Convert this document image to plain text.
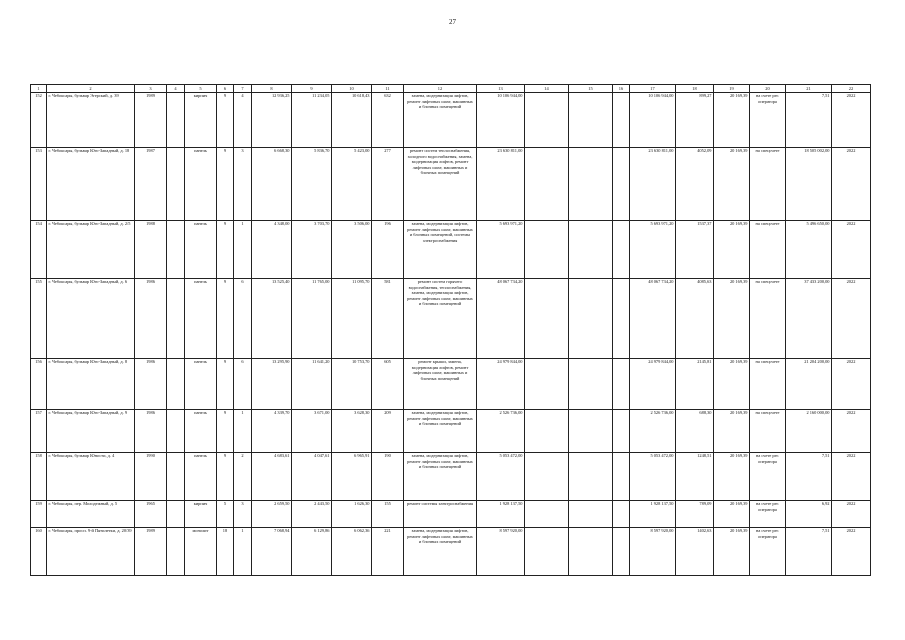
27
1	2	3	4	5	6	7	8	9	10	11	12	13	14	15	16	17	18	19	20	21	22
152	г. Чебоксары, бульвар Эгерский, д. 39	1989		кирпич	9	4	12 936,25	11 234,05	10 618,43	632	замена, модернизация лифтов, ремонт лифтовых шахт, машинных и блочных помещений	10 106 944,00				10 106 944,00	899,27	20 169,39	на счете рег. оператора	7,51	2022
153	г. Чебоксары, бульвар Юго-Западный, д. 18	1987		панель	9	3	6 668,30	5 836,70	5 423,00	277	ремонт систем теплоснабжения, холодного водоснабжения, замена, модернизация лифтов, ремонт лифтовых шахт, машинных и блочных помещений	23 630 811,00				23 630 811,00	4052,09	20 169,39	на спецсчете	18 505 002,00	2022
154	г. Чебоксары, бульвар Юго-Западный, д. 2/5	1988		панель	9	1	4 348,00	3 703,70	3 506,00	196	замена, модернизация лифтов, ремонт лифтовых шахт, машинных и блочных помещений, системы электроснабжения	5 693 971,20				5 693 971,20	1537,37	20 169,39	на спецсчете	5 496 650,00	2022
155	г. Чебоксары, бульвар Юго-Западный, д. 6	1986		панель	9	6	13 525,40	11 765,00	11 095,70	581	ремонт систем горячего водоснабжения, теплоснабжения, замена, модернизация лифтов, ремонт лифтовых шахт, машинных и блочных помещений	48 067 734,20				48 067 734,20	4085,63	20 169,39	на спецсчете	37 433 200,00	2022
156	г. Чебоксары, бульвар Юго-Западный, д. 8	1986		панель	9	6	13 295,90	11 641,20	10 753,70	605	ремонт крыши, замена, модернизация лифтов, ремонт лифтовых шахт, машинных и блочных помещений	24 979 844,00				24 979 844,00	2145,81	20 169,39	на спецсчете	21 204 200,00	2022
157	г. Чебоксары, бульвар Юго-Западный, д. 9	1986		панель	9	1	4 339,70	3 671,00	3 628,30	209	замена, модернизация лифтов, ремонт лифтовых шахт, машинных и блочных помещений	2 526 736,00				2 526 736,00	688,30	20 169,39	на спецсчете	2 160 000,00	2022
158	г. Чебоксары, бульвар Юности, д. 4	1990		панель	9	2	4 683,61	4 047,61	6 965,91	190	замена, модернизация лифтов, ремонт лифтовых шахт, машинных и блочных помещений	5 053 472,00				5 053 472,00	1248,51	20 169,39	на счете рег. оператора	7,51	2022
159	г. Чебоксары, пер. Молодежный, д. 5	1965		кирпич	5	3	2 659,50	2 443,50	1 626,30	155	ремонт системы электроснабжения	1 928 137,50				1 928 137,50	789,09	20 169,39	на счете рег. оператора	6,92	2022
160	г. Чебоксары, просп. 9-й Пятилетки, д. 20/39	1989		монолит	18	1	7 068,94	6 129,86	6 062,36	221	замена, модернизация лифтов, ремонт лифтовых шахт, машинных и блочных помещений	8 597 920,00				8 597 920,00	1402,63	20 169,39	на счете рег. оператора	7,51	2022
